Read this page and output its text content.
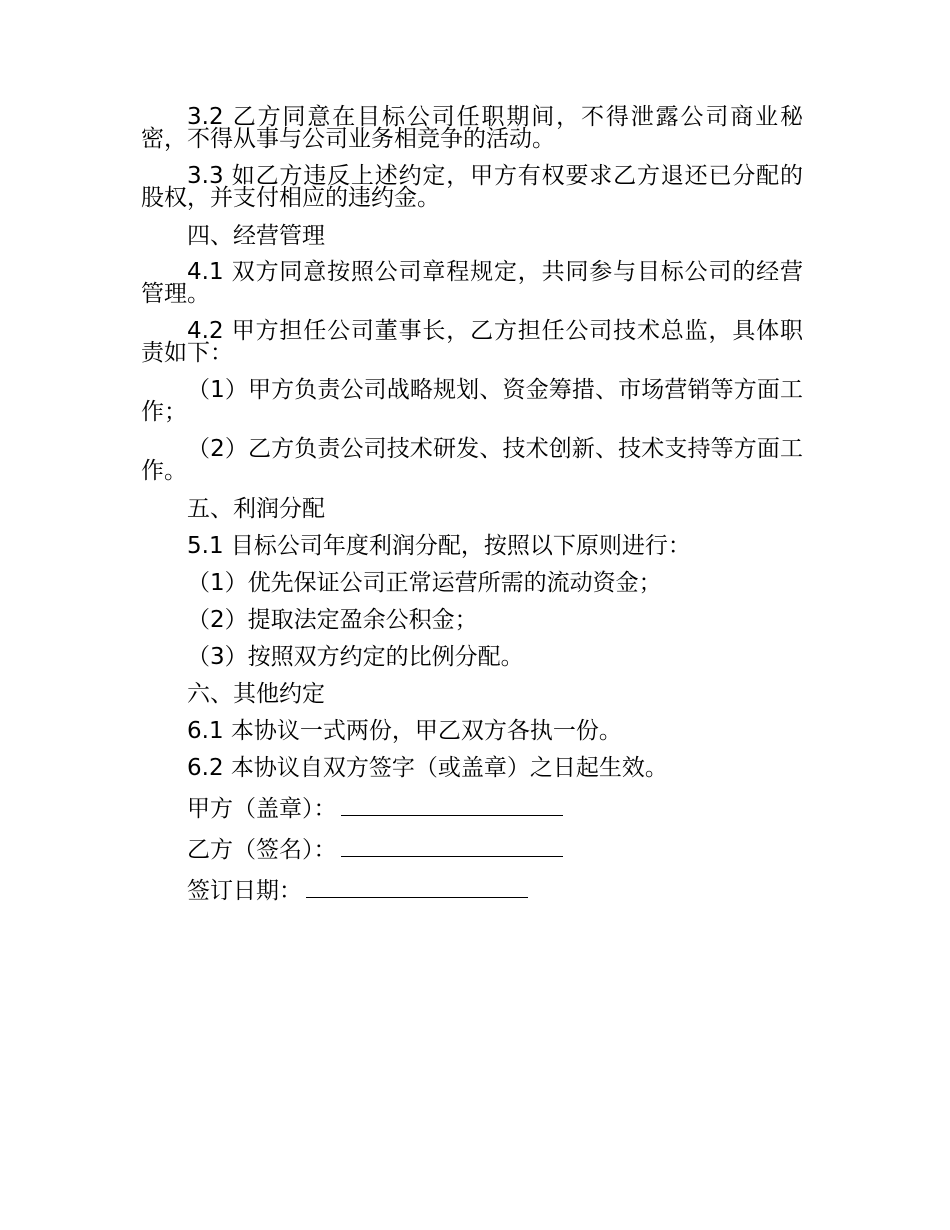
3.2 乙方同意在目标公司任职期间，不得泄露公司商业秘密，不得从事与公司业务相竞争的活动。

3.3 如乙方违反上述约定，甲方有权要求乙方退还已分配的股权，并支付相应的违约金。

四、经营管理

4.1 双方同意按照公司章程规定，共同参与目标公司的经营管理。

4.2 甲方担任公司董事长，乙方担任公司技术总监，具体职责如下：

（1）甲方负责公司战略规划、资金筹措、市场营销等方面工作；

（2）乙方负责公司技术研发、技术创新、技术支持等方面工作。

五、利润分配

5.1 目标公司年度利润分配，按照以下原则进行：

（1）优先保证公司正常运营所需的流动资金；

（2）提取法定盈余公积金；

（3）按照双方约定的比例分配。

六、其他约定

6.1 本协议一式两份，甲乙双方各执一份。

6.2 本协议自双方签字（或盖章）之日起生效。

甲方（盖章）：
乙方（签名）：
签订日期：
